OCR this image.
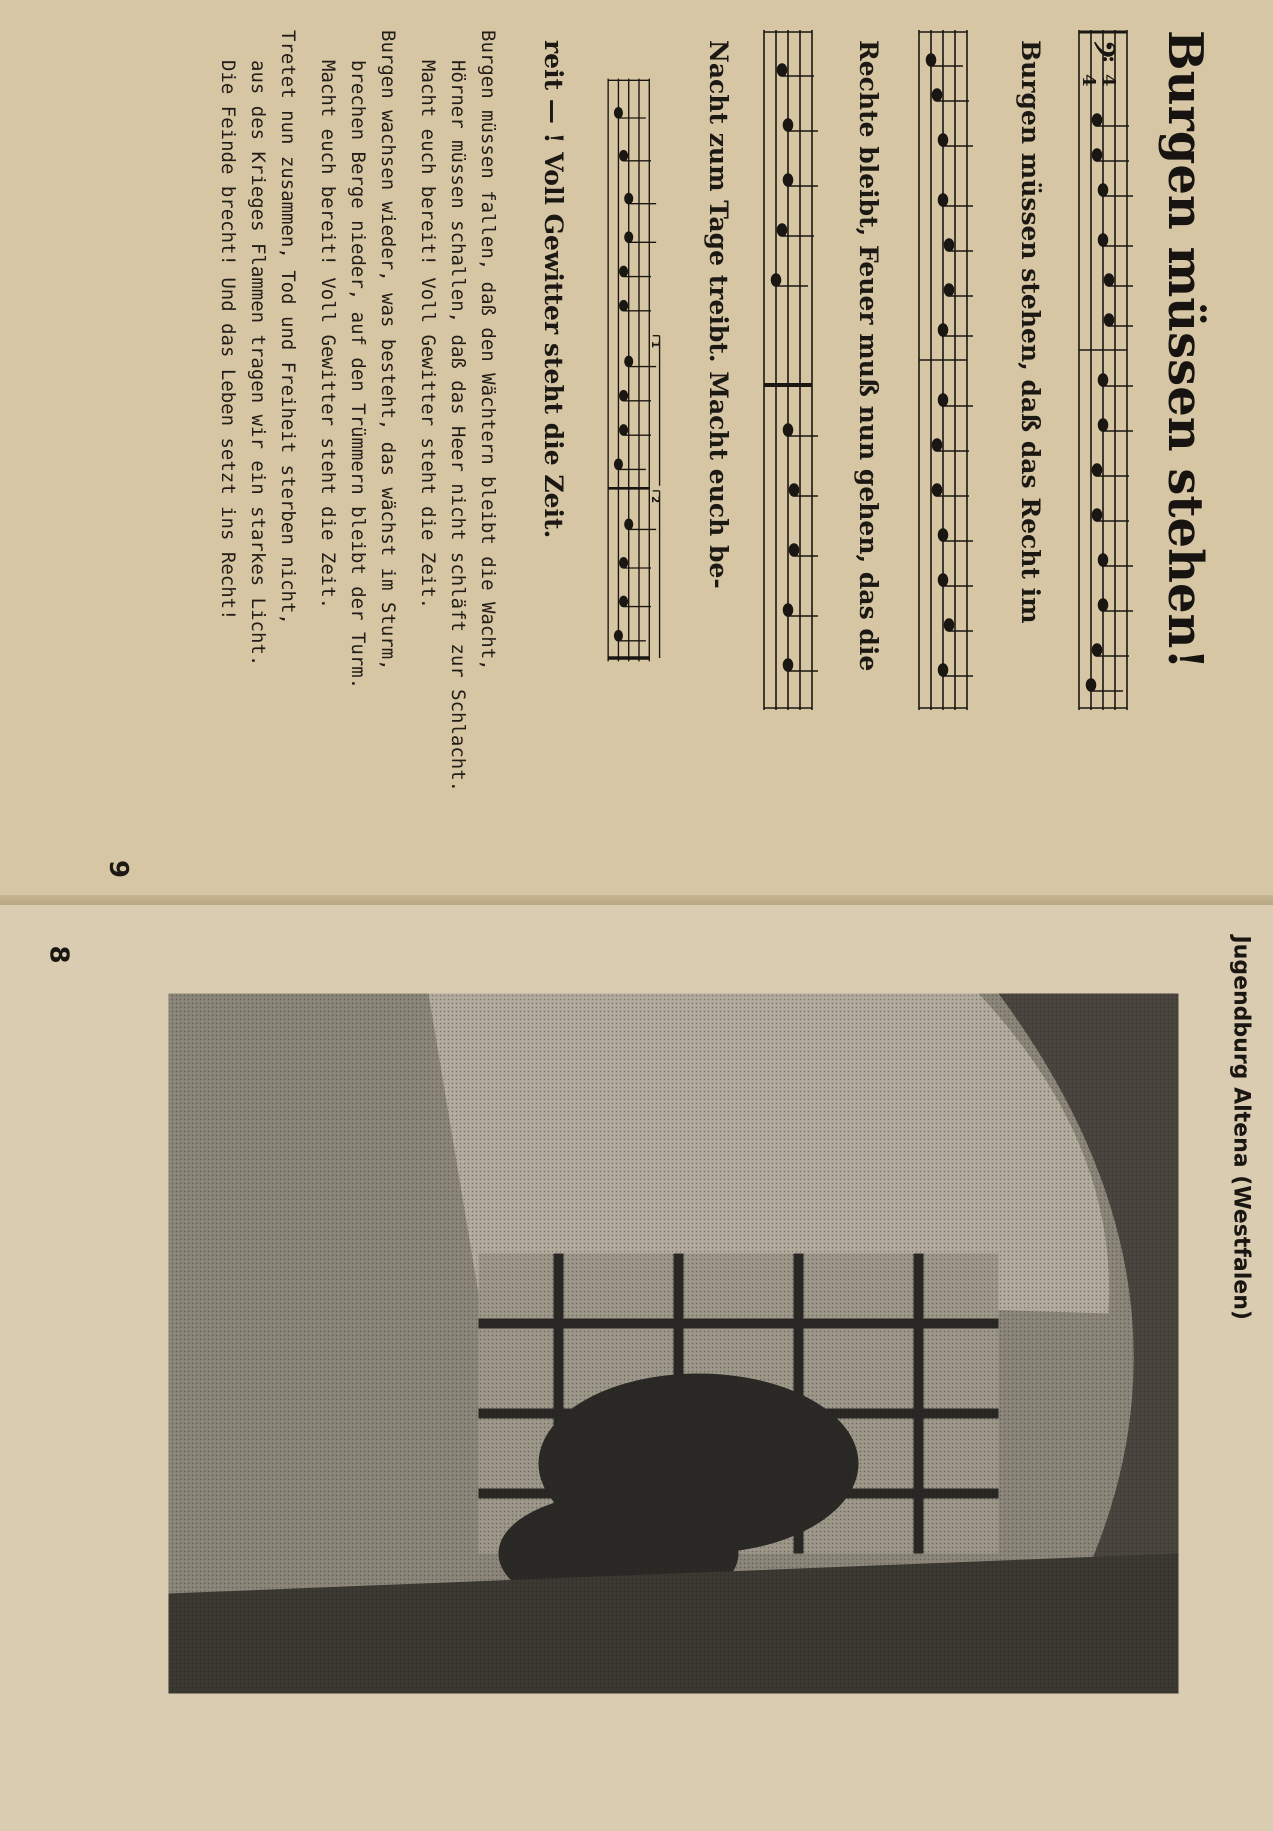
Burgen müssen stehen!
𝄢
4
4
Burgen müssen stehen, daß das Recht im
Rechte bleibt, Feuer muß nun gehen, das die
Nacht zum Tage treibt. Macht euch be-
1
2
reit — ! Voll Gewitter steht die Zeit.
Burgen müssen fallen, daß den Wächtern bleibt die Wacht,
Hörner müssen schallen, daß das Heer nicht schläft zur Schlacht.
Macht euch bereit! Voll Gewitter steht die Zeit.
Burgen wachsen wieder, was besteht, das wächst im Sturm,
brechen Berge nieder, auf den Trümmern bleibt der Turm.
Macht euch bereit! Voll Gewitter steht die Zeit.
Tretet nun zusammen, Tod und Freiheit sterben nicht,
aus des Krieges Flammen tragen wir ein starkes Licht.
Die Feinde brecht! Und das Leben setzt ins Recht!
9
Jugendburg Altena (Westfalen)
8
